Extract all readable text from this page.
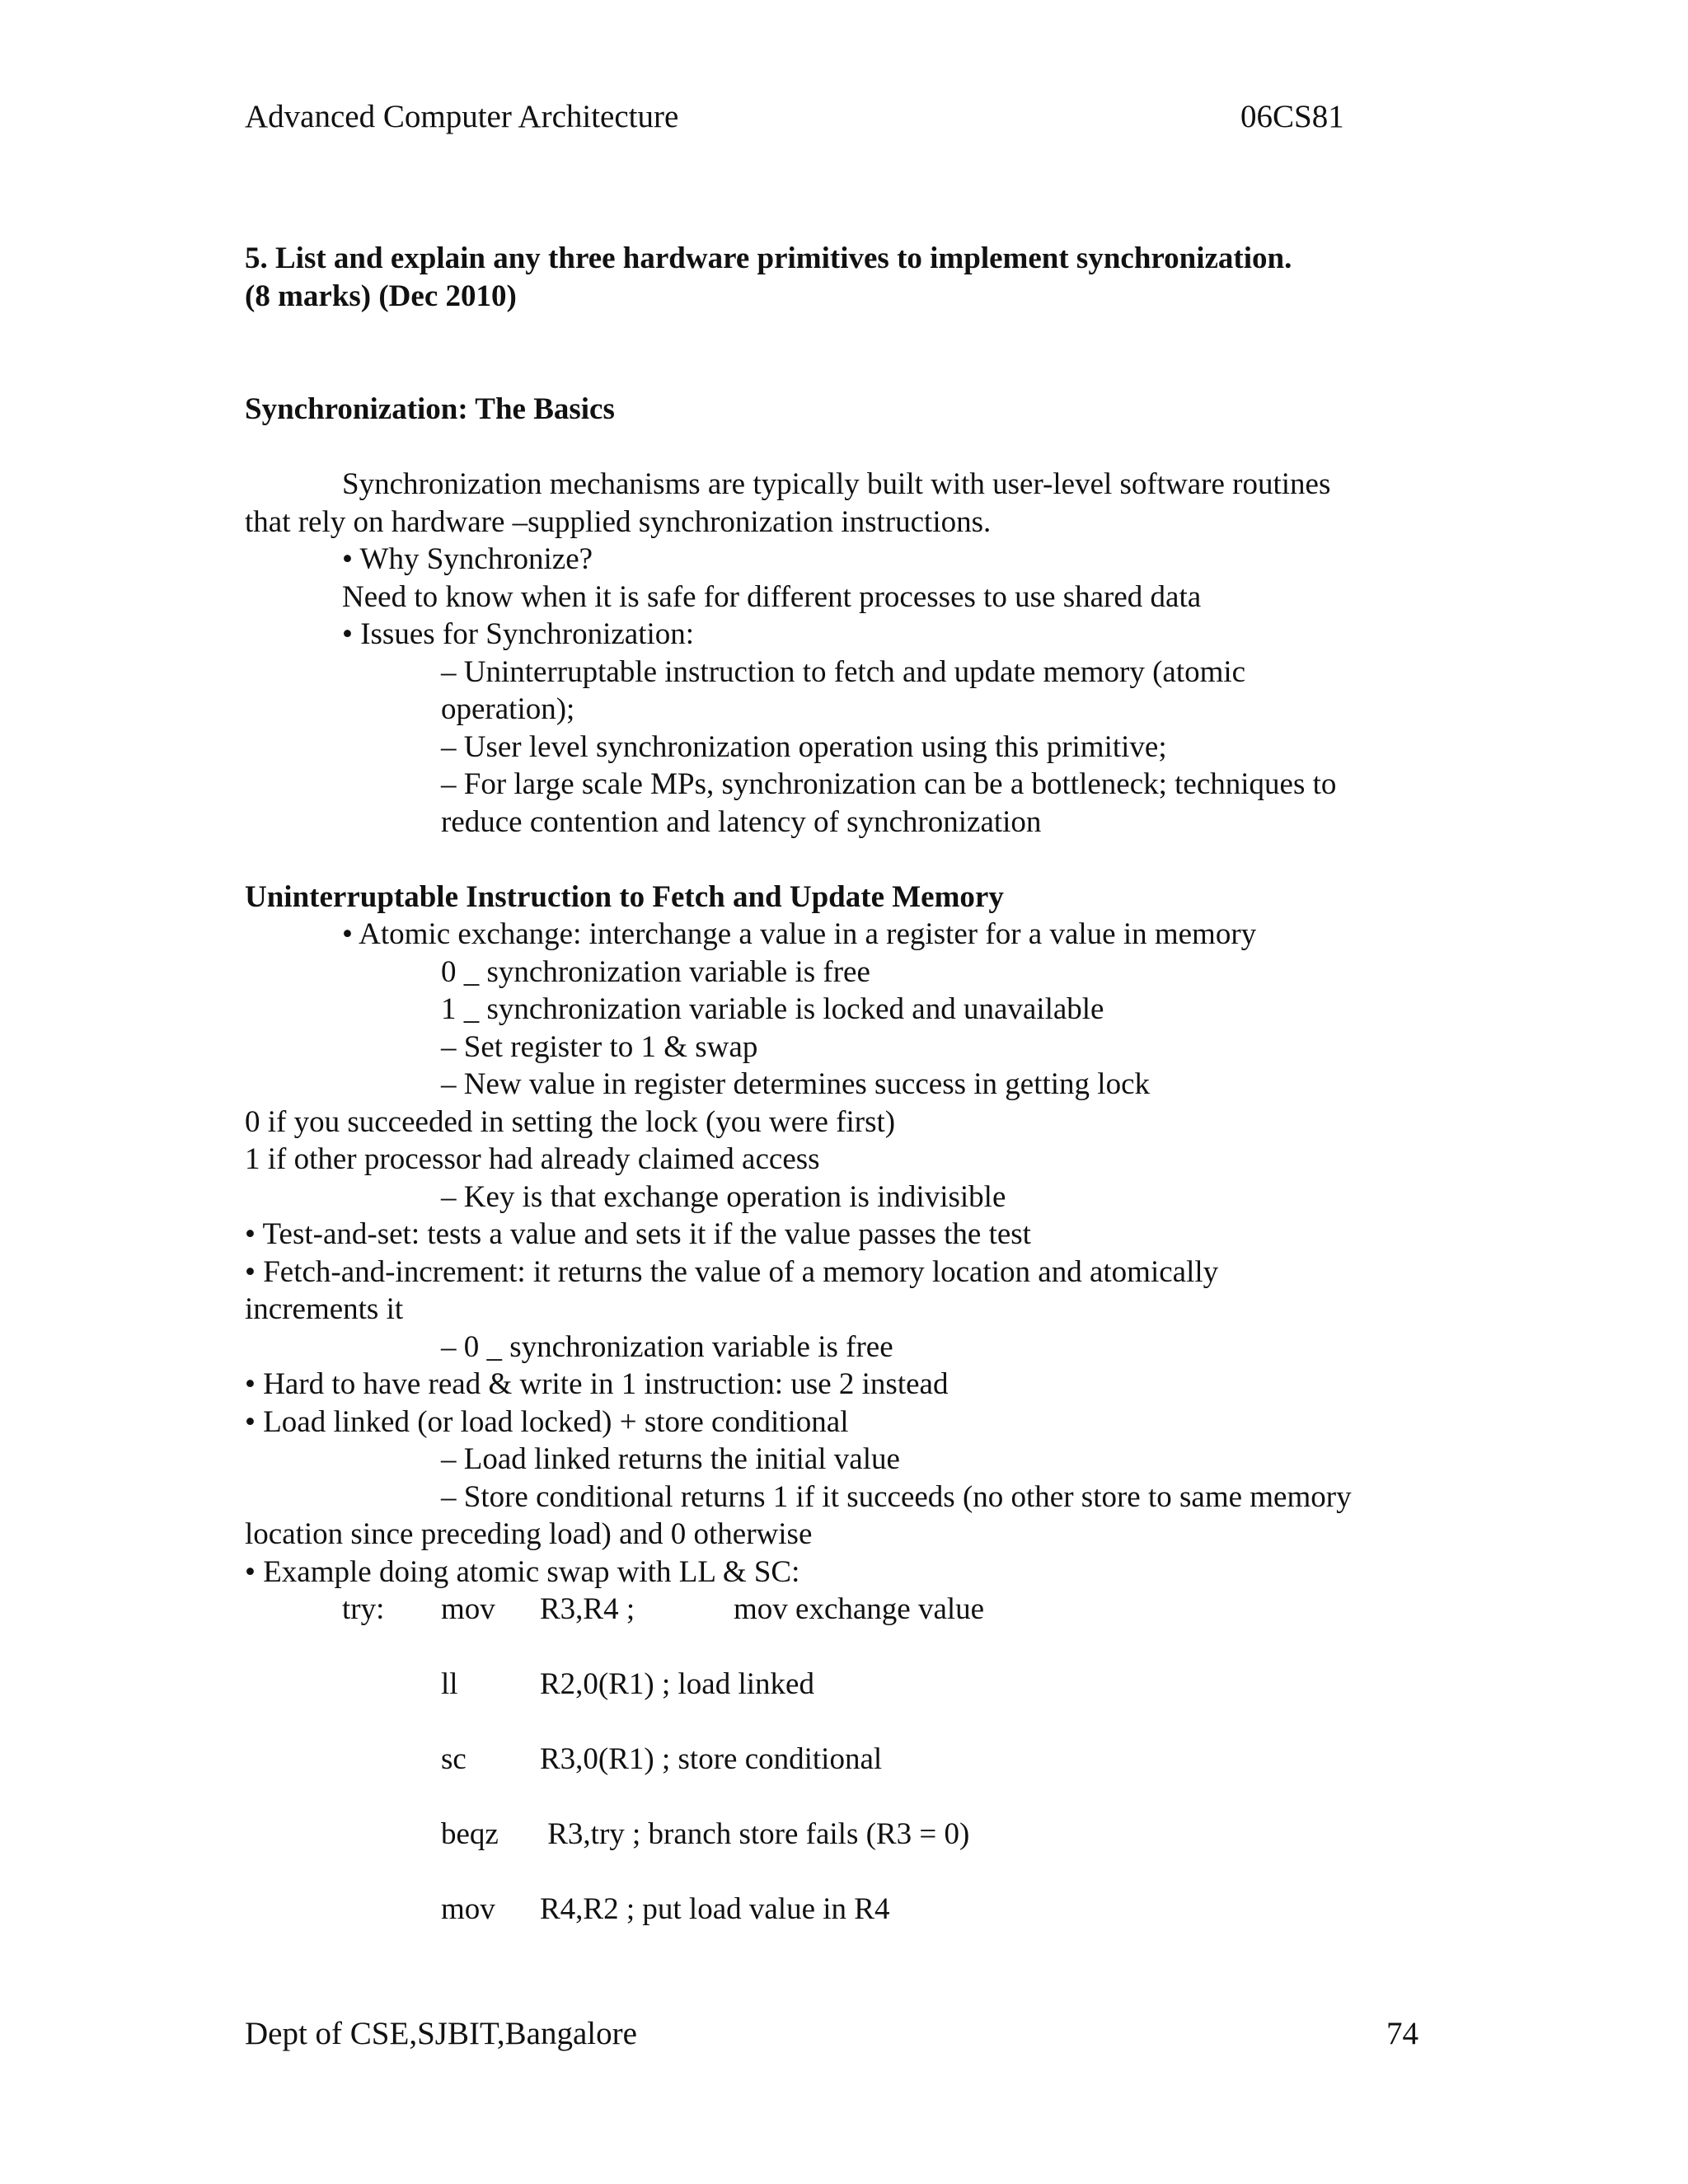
Advanced Computer Architecture	06CS81
5. List and explain any three hardware primitives to implement synchronization.
(8 marks) (Dec 2010)
Synchronization: The Basics
Synchronization mechanisms are typically built with user-level software routines
that rely on hardware –supplied synchronization instructions.
• Why Synchronize?
Need to know when it is safe for different processes to use shared data
• Issues for Synchronization:
– Uninterruptable instruction to fetch and update memory (atomic
operation);
– User level synchronization operation using this primitive;
– For large scale MPs, synchronization can be a bottleneck; techniques to
reduce contention and latency of synchronization
Uninterruptable Instruction to Fetch and Update Memory
• Atomic exchange: interchange a value in a register for a value in memory
0 _ synchronization variable is free
1 _ synchronization variable is locked and unavailable
– Set register to 1 & swap
– New value in register determines success in getting lock
0 if you succeeded in setting the lock (you were first)
1 if other processor had already claimed access
– Key is that exchange operation is indivisible
• Test-and-set: tests a value and sets it if the value passes the test
• Fetch-and-increment: it returns the value of a memory location and atomically
increments it
– 0 _ synchronization variable is free
• Hard to have read & write in 1 instruction: use 2 instead
• Load linked (or load locked) + store conditional
– Load linked returns the initial value
– Store conditional returns 1 if it succeeds (no other store to same memory
location since preceding load) and 0 otherwise
• Example doing atomic swap with LL & SC:
try: mov R3,R4 ;	mov exchange value
ll	R2,0(R1) ; load linked
sc R3,0(R1) ; store conditional
beqz R3,try ; branch store fails (R3 = 0)
mov R4,R2 ; put load value in R4
Dept of CSE,SJBIT,Bangalore	74
